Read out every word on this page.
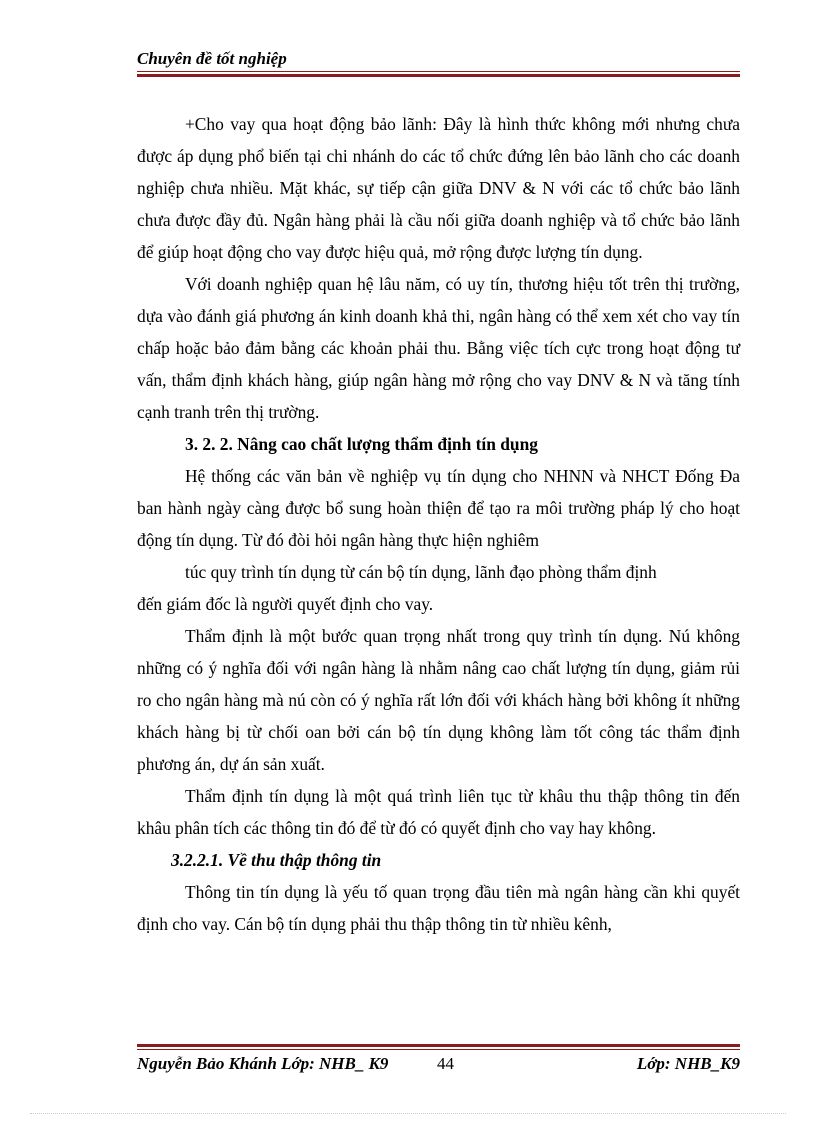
Chuyên đề tốt nghiệp

+Cho vay qua hoạt động bảo lãnh: Đây là hình thức không mới nhưng chưa được áp dụng phổ biến tại chi nhánh do các tổ chức đứng lên bảo lãnh cho các doanh nghiệp chưa nhiều. Mặt khác, sự tiếp cận giữa DNV & N với các tổ chức bảo lãnh chưa được đầy đủ. Ngân hàng phải là cầu nối giữa doanh nghiệp và tổ chức bảo lãnh để giúp hoạt động cho vay được hiệu quả, mở rộng được lượng tín dụng.

Với doanh nghiệp quan hệ lâu năm, có uy tín, thương hiệu tốt trên thị trường, dựa vào đánh giá phương án kinh doanh khả thi, ngân hàng có thể xem xét cho vay tín chấp hoặc bảo đảm bằng các khoản phải thu. Bằng việc tích cực trong hoạt động tư vấn, thẩm định khách hàng, giúp ngân hàng mở rộng cho vay DNV & N và tăng tính cạnh tranh trên thị trường.

3. 2. 2. Nâng cao chất lượng thẩm định tín dụng

Hệ thống các văn bản về nghiệp vụ tín dụng cho NHNN và NHCT Đống Đa ban hành ngày càng được bổ sung hoàn thiện để tạo ra môi trường pháp lý cho hoạt động tín dụng. Từ đó đòi hỏi ngân hàng thực hiện nghiêm

túc quy trình tín dụng từ cán bộ tín dụng, lãnh đạo phòng thẩm định

đến giám đốc là người quyết định cho vay.

Thẩm định là một bước quan trọng nhất trong quy trình tín dụng. Nú không những có ý nghĩa đối với ngân hàng là nhằm nâng cao chất lượng tín dụng, giảm rủi ro cho ngân hàng mà nú còn có ý nghĩa rất lớn đối với khách hàng bởi không ít những khách hàng bị từ chối oan bởi cán bộ tín dụng không làm tốt công tác thẩm định phương án, dự án sản xuất.

Thẩm định tín dụng là một quá trình liên tục từ khâu thu thập thông tin đến khâu phân tích các thông tin đó để từ đó có quyết định cho vay hay không.

3.2.2.1. Về thu thập thông tin

Thông tin tín dụng là yếu tố quan trọng đầu tiên mà ngân hàng cần khi quyết định cho vay. Cán bộ tín dụng phải thu thập thông tin từ nhiều kênh,

Nguyễn Bảo Khánh Lớp: NHB_ K9	44	Lớp: NHB_K9
